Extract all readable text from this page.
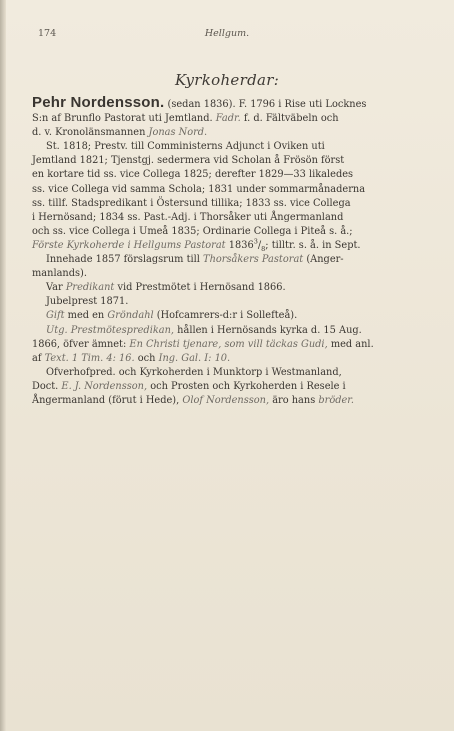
174	Hellgum.
Kyrkoherdar:

Pehr Nordensson. (sedan 1836). F. 1796 i Rise uti Locknes

S:n af Brunflo Pastorat uti Jemtland. Fadr. f. d. Fältväbeln och

d. v. Kronolänsmannen Jonas Nord.

St. 1818; Prestv. till Comministerns Adjunct i Oviken uti

Jemtland 1821; Tjenstgj. sedermera vid Scholan å Frösön först

en kortare tid ss. vice Collega 1825; derefter 1829—33 likaledes

ss. vice Collega vid samma Schola; 1831 under sommarmånaderna

ss. tillf. Stadspredikant i Östersund tillika; 1833 ss. vice Collega

i Hernösand; 1834 ss. Past.-Adj. i Thorsåker uti Ångermanland

och ss. vice Collega i Umeå 1835; Ordinarie Collega i Piteå s. å.;

Förste Kyrkoherde i Hellgums Pastorat $1836^3/_8$; tilltr. s. å. in Sept.

Innehade 1857 förslagsrum till Thorsåkers Pastorat (Anger-

manlands).

Var Predikant vid Prestmötet i Hernösand 1866.

Jubelprest 1871.

Gift med en Gröndahl (Hofcamrers-d:r i Sollefteå).

Utg. Prestmötespredikan, hållen i Hernösands kyrka d. 15 Aug.

1866, öfver ämnet: En Christi tjenare, som vill täckas Gudi, med anl.

af Text. 1 Tim. 4: 16. och Ing. Gal. I: 10.

Ofverhofpred. och Kyrkoherden i Munktorp i Westmanland,

Doct. E. J. Nordensson, och Prosten och Kyrkoherden i Resele i

Ångermanland (förut i Hede), Olof Nordensson, äro hans bröder.
